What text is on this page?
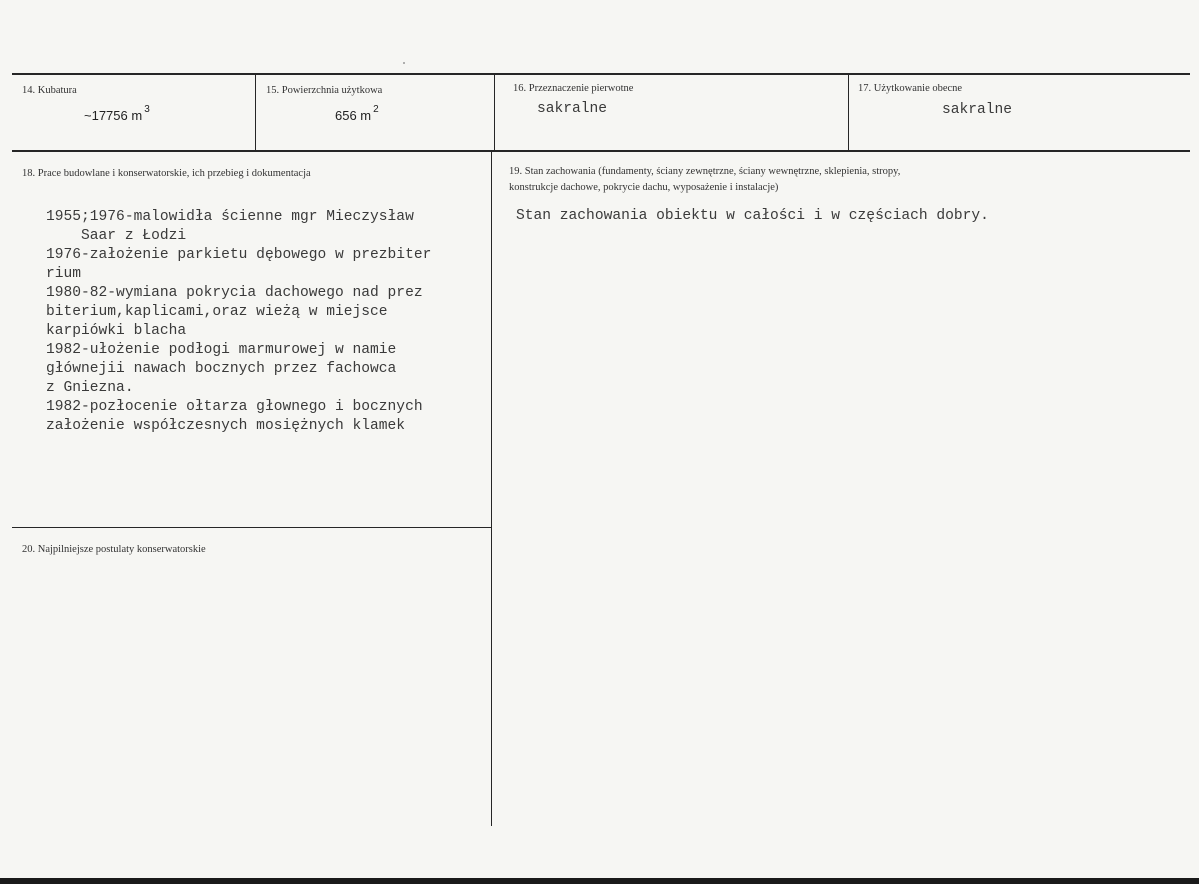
14. Kubatura
~17756 m $^3$
15. Powierzchnia użytkowa
656 m $^2$
16. Przeznaczenie pierwotne
sakralne
17. Użytkowanie obecne
sakralne
18. Prace budowlane i konserwatorskie, ich przebieg i dokumentacja
1955;1976-malowidła ścienne mgr Mieczysław
Saar z Łodzi
1976-założenie parkietu dębowego w prezbiter
rium
1980-82-wymiana pokrycia dachowego nad prez
biterium,kaplicami,oraz wieżą w miejsce
karpiówki blacha
1982-ułożenie podłogi marmurowej w namie
głównejii nawach bocznych przez fachowca
z Gniezna.
1982-pozłocenie ołtarza głownego i bocznych
założenie współczesnych mosiężnych klamek
19. Stan zachowania (fundamenty, ściany zewnętrzne, ściany wewnętrzne, sklepienia, stropy,
konstrukcje dachowe, pokrycie dachu, wyposażenie i instalacje)
Stan zachowania obiektu w całości i w częściach dobry.
20. Najpilniejsze postulaty konserwatorskie
